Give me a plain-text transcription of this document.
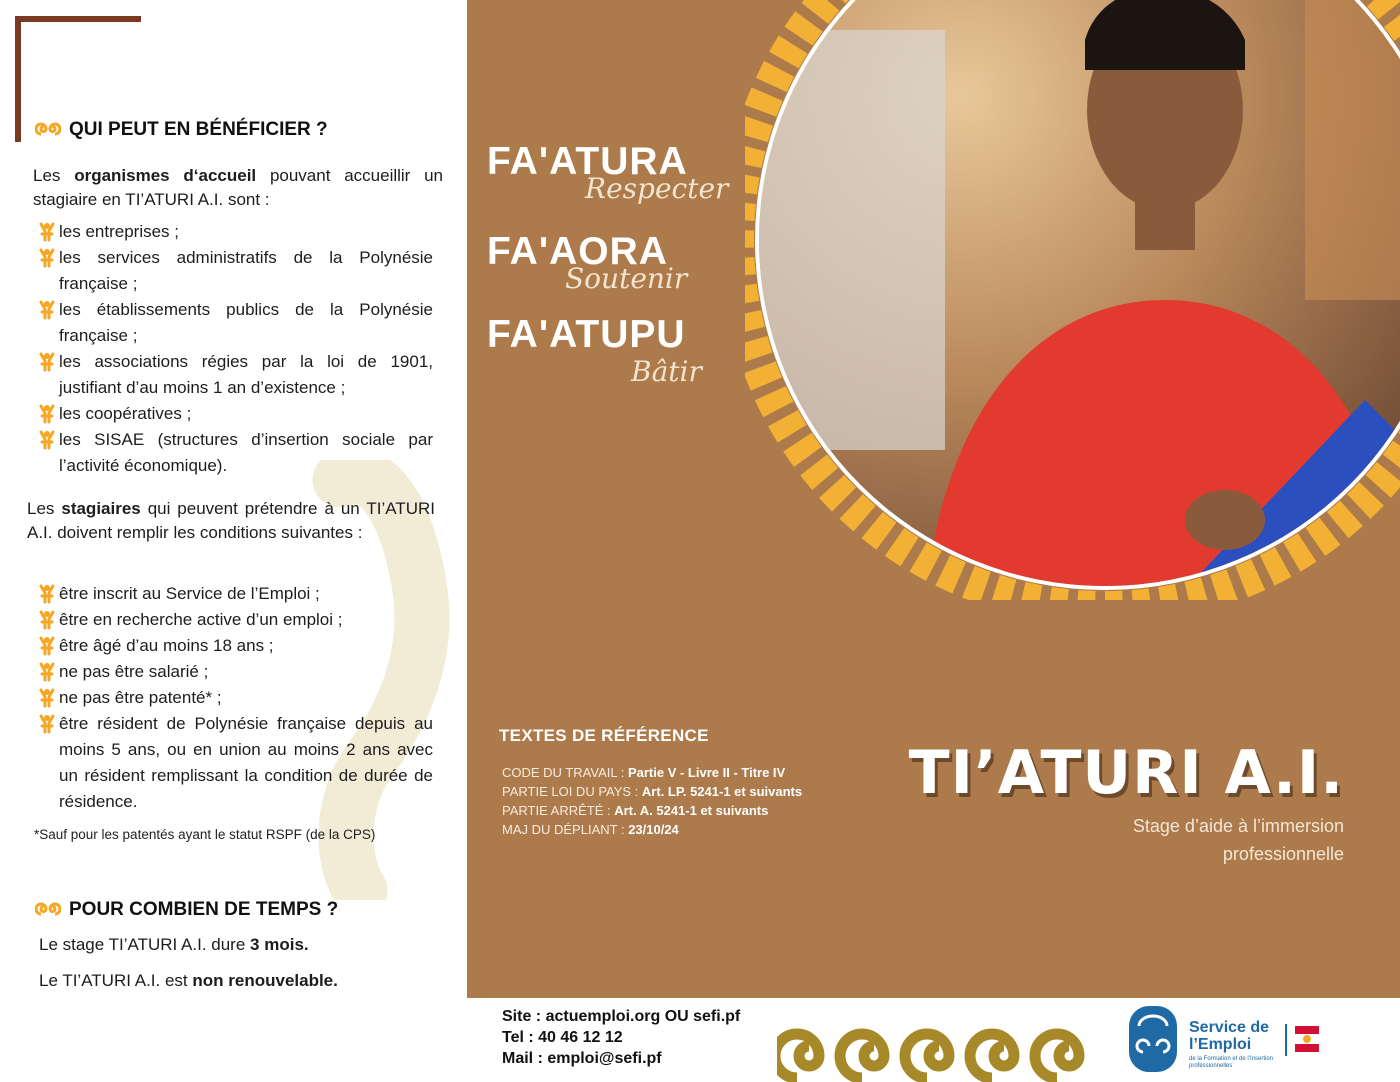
QUI PEUT EN BÉNÉFICIER ?
Les organismes d‘accueil pouvant accueillir un stagiaire en TI’ATURI A.I. sont :
les entreprises ;
les services administratifs de la Polynésie française ;
les établissements publics de la Polynésie française ;
les associations régies par la loi de 1901, justifiant d’au moins 1 an d’existence ;
les coopératives ;
les SISAE (structures d’insertion sociale par l’activité économique).
Les stagiaires qui peuvent prétendre à un TI’ATURI A.I. doivent remplir les conditions suivantes :
être inscrit au Service de l’Emploi ;
être en recherche active d’un emploi ;
être âgé d’au moins 18 ans ;
ne pas être salarié ;
ne pas être patenté* ;
être résident de Polynésie française depuis au moins 5 ans, ou en union au moins 2 ans avec un résident remplissant la condition de durée de résidence.
*Sauf pour les patentés ayant le statut RSPF (de la CPS)
POUR COMBIEN DE TEMPS ?
Le stage TI’ATURI A.I. dure 3 mois.
Le TI’ATURI A.I. est non renouvelable.
FA'ATURA
Respecter
FA'AORA
Soutenir
FA'ATUPU
Bâtir
TEXTES DE RÉFÉRENCE
CODE DU TRAVAIL : Partie V - Livre II - Titre IV
PARTIE LOI DU PAYS : Art. LP. 5241-1 et suivants
PARTIE ARRÊTÉ : Art. A. 5241-1 et suivants
MAJ DU DÉPLIANT : 23/10/24
TI’ATURI A.I.
Stage d’aide à l’immersion professionnelle
Site : actuemploi.org OU sefi.pf
Tel : 40 46 12 12
Mail : emploi@sefi.pf
Service de
l’Emploi
de la Formation et de l’Insertion professionnelles
